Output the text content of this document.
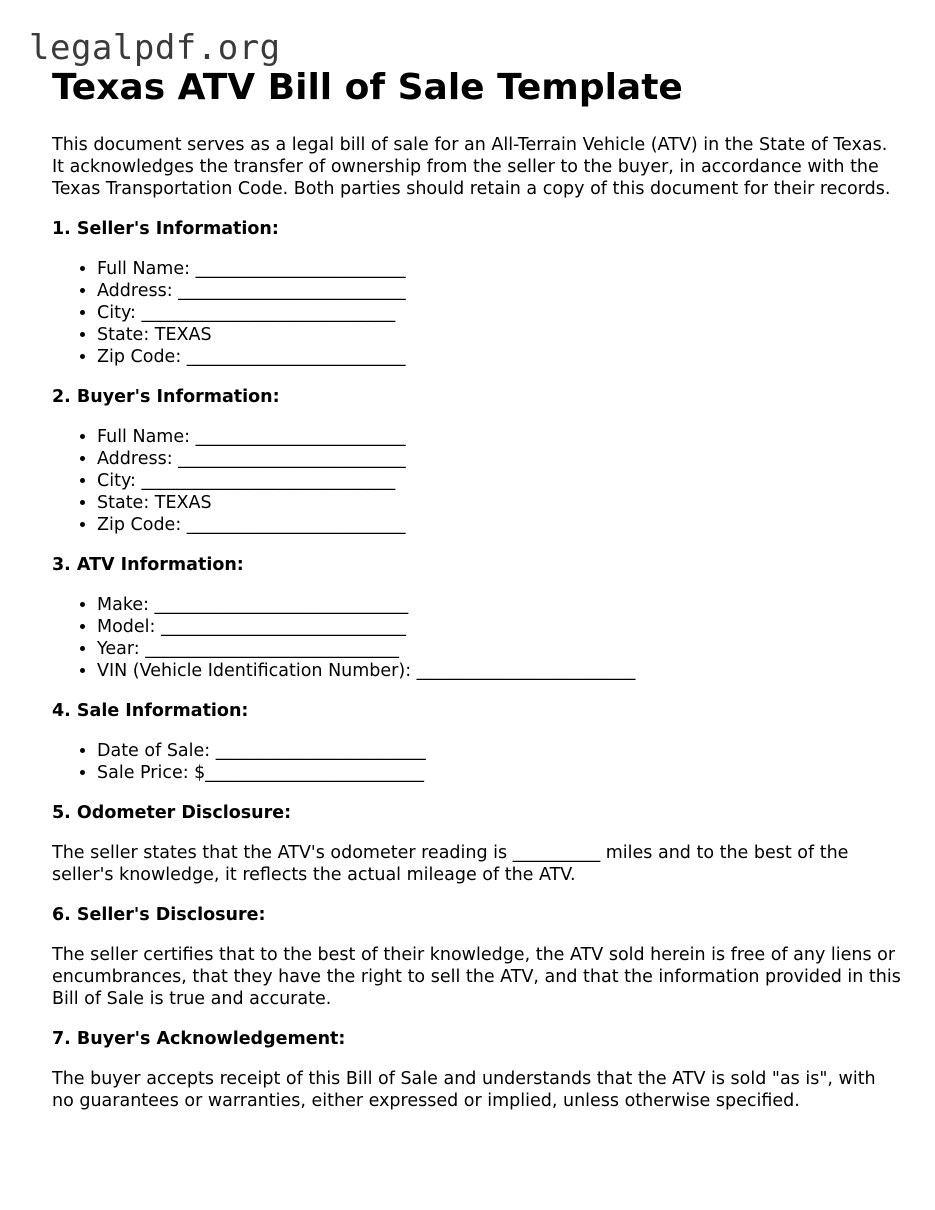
legalpdf.org
Texas ATV Bill of Sale Template

This document serves as a legal bill of sale for an All-Terrain Vehicle (ATV) in the State of Texas. It acknowledges the transfer of ownership from the seller to the buyer, in accordance with the Texas Transportation Code. Both parties should retain a copy of this document for their records.

1. Seller's Information:
• Full Name: ________________________
• Address: __________________________
• City: _____________________________
• State: TEXAS
• Zip Code: _________________________
2. Buyer's Information:
• Full Name: ________________________
• Address: __________________________
• City: _____________________________
• State: TEXAS
• Zip Code: _________________________
3. ATV Information:
• Make: _____________________________
• Model: ____________________________
• Year: _____________________________
• VIN (Vehicle Identification Number): _________________________
4. Sale Information:
• Date of Sale: ________________________
• Sale Price: $_________________________
5. Odometer Disclosure:

The seller states that the ATV's odometer reading is __________ miles and to the best of the seller's knowledge, it reflects the actual mileage of the ATV.

6. Seller's Disclosure:

The seller certifies that to the best of their knowledge, the ATV sold herein is free of any liens or encumbrances, that they have the right to sell the ATV, and that the information provided in this Bill of Sale is true and accurate.

7. Buyer's Acknowledgement:

The buyer accepts receipt of this Bill of Sale and understands that the ATV is sold "as is", with no guarantees or warranties, either expressed or implied, unless otherwise specified.
